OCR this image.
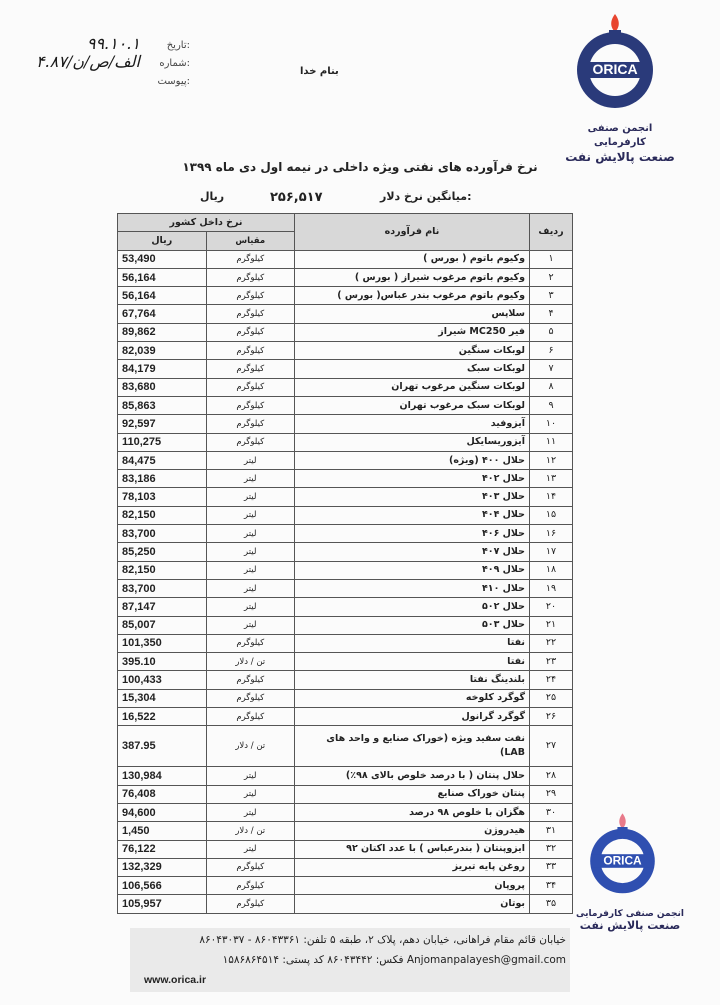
ORICA
انجمن صنفی کارفرمایی
صنعت پالایش نفت
تاریخ:
۹۹.۱۰.۱
شماره:
۴.۸۷/الف/ص/ن
پیوست:
بنام خدا
نرخ فرآورده های نفتی ویژه داخلی در نیمه اول دی ماه ۱۳۹۹
میانگین نرخ دلار:
۲۵۶,۵۱۷
ریال
ردیف	نام فرآورده	نرخ داخل کشور	
		مقیاس	ریال
۱	وکیوم باتوم ( بورس )	کیلوگرم	53,490
۲	وکیوم باتوم مرغوب شیراز ( بورس )	کیلوگرم	56,164
۳	وکیوم باتوم مرغوب بندر عباس( بورس )	کیلوگرم	56,164
۴	سلاپس	کیلوگرم	67,764
۵	فیر MC250 شیراز	کیلوگرم	89,862
۶	لوبکات سنگین	کیلوگرم	82,039
۷	لوبکات سبک	کیلوگرم	84,179
۸	لوبکات سنگین مرغوب تهران	کیلوگرم	83,680
۹	لوبکات سبک مرغوب تهران	کیلوگرم	85,863
۱۰	آیزوفید	کیلوگرم	92,597
۱۱	آیزوریسایکل	کیلوگرم	110,275
۱۲	حلال ۴۰۰ (ویژه)	لیتر	84,475
۱۳	حلال ۴۰۲	لیتر	83,186
۱۴	حلال ۴۰۳	لیتر	78,103
۱۵	حلال ۴۰۴	لیتر	82,150
۱۶	حلال ۴۰۶	لیتر	83,700
۱۷	حلال ۴۰۷	لیتر	85,250
۱۸	حلال ۴۰۹	لیتر	82,150
۱۹	حلال ۴۱۰	لیتر	83,700
۲۰	حلال ۵۰۲	لیتر	87,147
۲۱	حلال ۵۰۳	لیتر	85,007
۲۲	نفتا	کیلوگرم	101,350
۲۳	نفتا	تن / دلار	395.10
۲۴	بلندینگ نفتا	کیلوگرم	100,433
۲۵	گوگرد کلوخه	کیلوگرم	15,304
۲۶	گوگرد گرانول	کیلوگرم	16,522
۲۷	نفت سفید ویژه (خوراک صنایع و واحد های LAB)	تن / دلار	387.95
۲۸	حلال پنتان ( با درصد خلوص بالای ۹۸٪)	لیتر	130,984
۲۹	پنتان خوراک صنایع	لیتر	76,408
۳۰	هگزان با خلوص ۹۸ درصد	لیتر	94,600
۳۱	هیدروژن	تن / دلار	1,450
۳۲	ایزوپنتان ( بندرعباس ) با عدد اکتان ۹۲	لیتر	76,122
۳۳	روغن پایه تبریز	کیلوگرم	132,329
۳۴	پروپان	کیلوگرم	106,566
۳۵	بوتان	کیلوگرم	105,957
ORICA
انجمن صنفی کارفرمایی
صنعت پالایش نفت
خیابان قائم مقام فراهانی، خیابان دهم، پلاک ۲، طبقه ۵ تلفن: ۸۶۰۴۳۳۶۱ - ۸۶۰۴۳۰۳۷
فکس: ۸۶۰۴۳۴۴۲ کد پستی: ۱۵۸۶۸۶۴۵۱۴ Anjomanpalayesh@gmail.com
www.orica.ir
